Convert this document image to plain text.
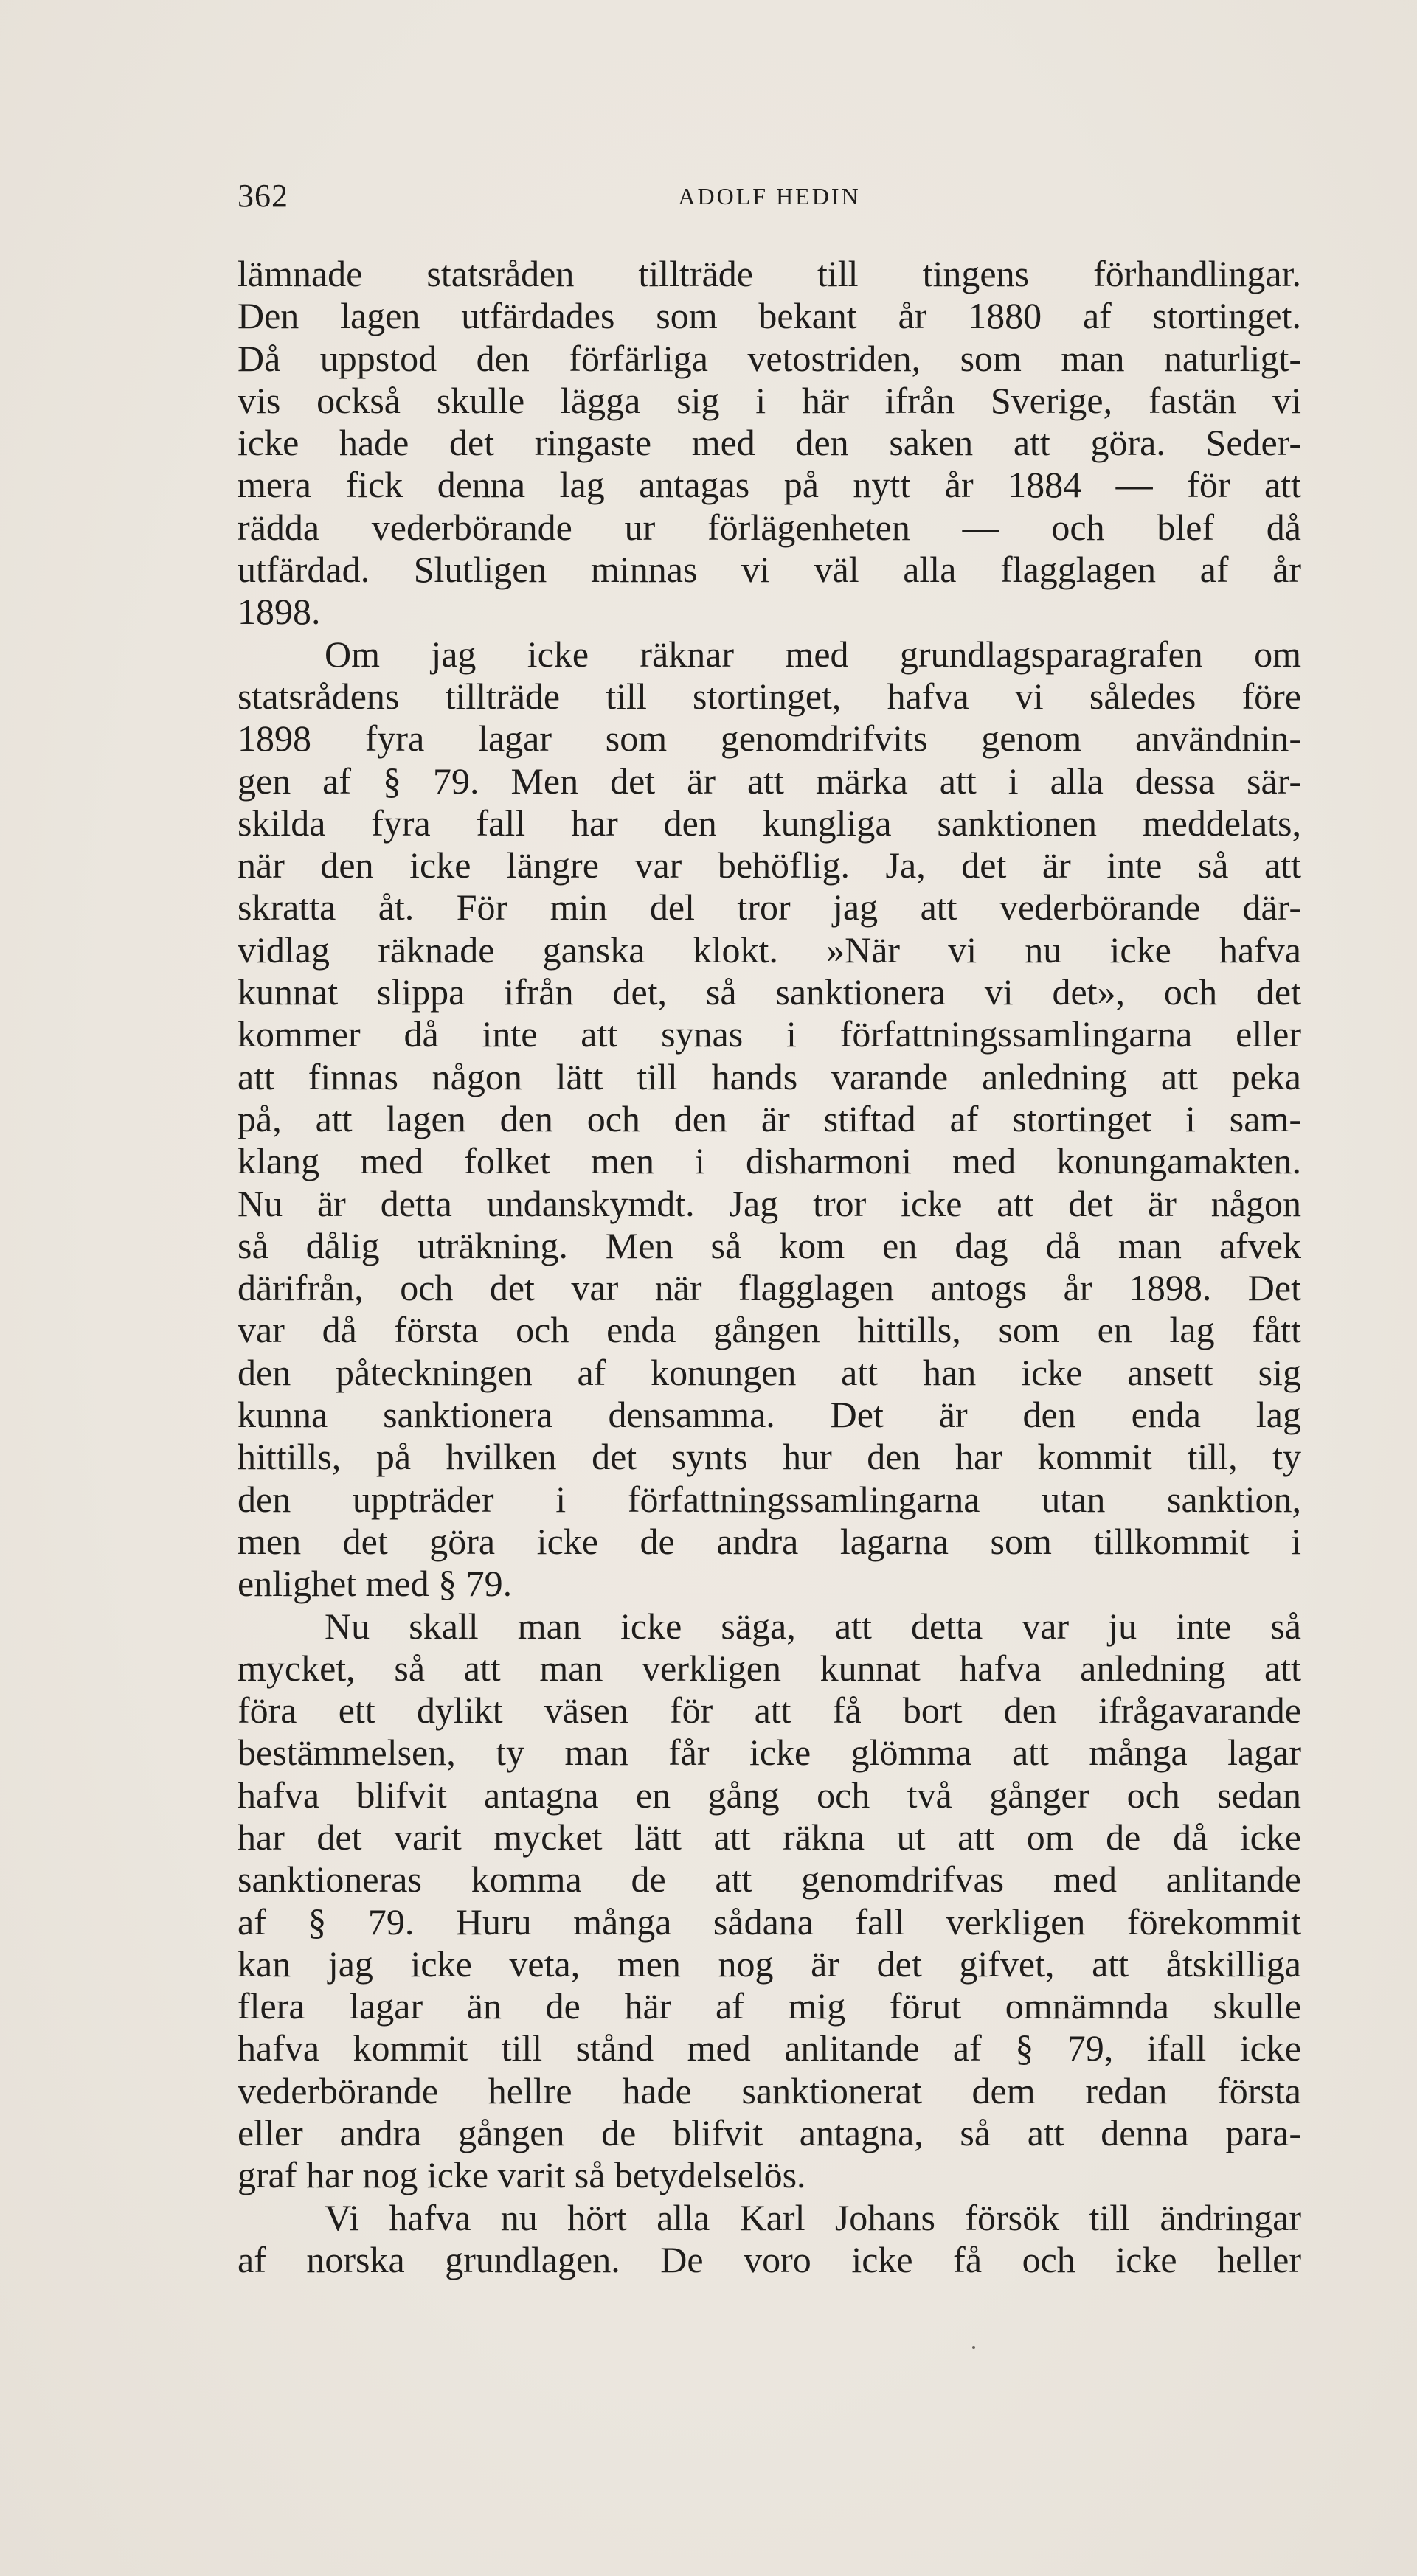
362	ADOLF HEDIN
lämnade statsråden tillträde till tingens förhandlingar.
Den lagen utfärdades som bekant år 1880 af stortinget.
Då uppstod den förfärliga vetostriden, som man naturligt-
vis också skulle lägga sig i här ifrån Sverige, fastän vi
icke hade det ringaste med den saken att göra. Seder-
mera fick denna lag antagas på nytt år 1884 — för att
rädda vederbörande ur förlägenheten — och blef då
utfärdad. Slutligen minnas vi väl alla flagglagen af år
1898.
Om jag icke räknar med grundlagsparagrafen om
statsrådens tillträde till stortinget, hafva vi således före
1898 fyra lagar som genomdrifvits genom användnin-
gen af § 79. Men det är att märka att i alla dessa sär-
skilda fyra fall har den kungliga sanktionen meddelats,
när den icke längre var behöflig. Ja, det är inte så att
skratta åt. För min del tror jag att vederbörande där-
vidlag räknade ganska klokt. »När vi nu icke hafva
kunnat slippa ifrån det, så sanktionera vi det», och det
kommer då inte att synas i författningssamlingarna eller
att finnas någon lätt till hands varande anledning att peka
på, att lagen den och den är stiftad af stortinget i sam-
klang med folket men i disharmoni med konungamakten.
Nu är detta undanskymdt. Jag tror icke att det är någon
så dålig uträkning. Men så kom en dag då man afvek
därifrån, och det var när flagglagen antogs år 1898. Det
var då första och enda gången hittills, som en lag fått
den påteckningen af konungen att han icke ansett sig
kunna sanktionera densamma. Det är den enda lag
hittills, på hvilken det synts hur den har kommit till, ty
den uppträder i författningssamlingarna utan sanktion,
men det göra icke de andra lagarna som tillkommit i
enlighet med § 79.
Nu skall man icke säga, att detta var ju inte så
mycket, så att man verkligen kunnat hafva anledning att
föra ett dylikt väsen för att få bort den ifrågavarande
bestämmelsen, ty man får icke glömma att många lagar
hafva blifvit antagna en gång och två gånger och sedan
har det varit mycket lätt att räkna ut att om de då icke
sanktioneras komma de att genomdrifvas med anlitande
af § 79. Huru många sådana fall verkligen förekommit
kan jag icke veta, men nog är det gifvet, att åtskilliga
flera lagar än de här af mig förut omnämnda skulle
hafva kommit till stånd med anlitande af § 79, ifall icke
vederbörande hellre hade sanktionerat dem redan första
eller andra gången de blifvit antagna, så att denna para-
graf har nog icke varit så betydelselös.
Vi hafva nu hört alla Karl Johans försök till ändringar
af norska grundlagen. De voro icke få och icke heller
